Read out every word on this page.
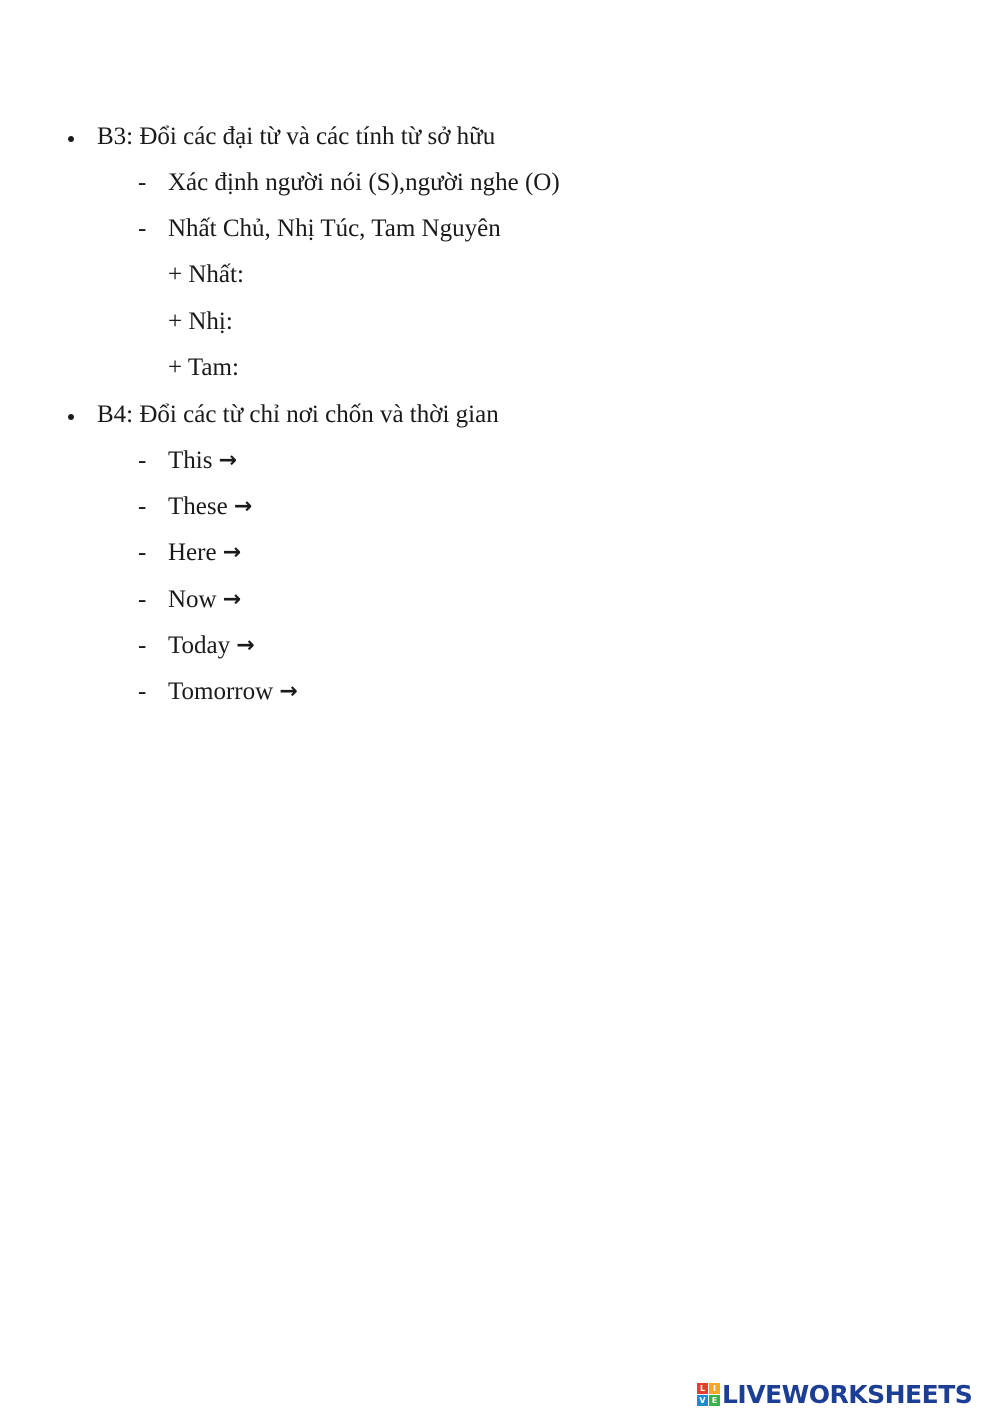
B3: Đổi các đại từ và các tính từ sở hữu
- Xác định người nói (S),người nghe (O)
- Nhất Chủ, Nhị Túc, Tam Nguyên
+ Nhất:
+ Nhị:
+ Tam:
B4: Đổi các từ chỉ nơi chốn và thời gian
- This →
- These →
- Here →
- Now →
- Today →
- Tomorrow →
L I
V E LIVEWORKSHEETS
